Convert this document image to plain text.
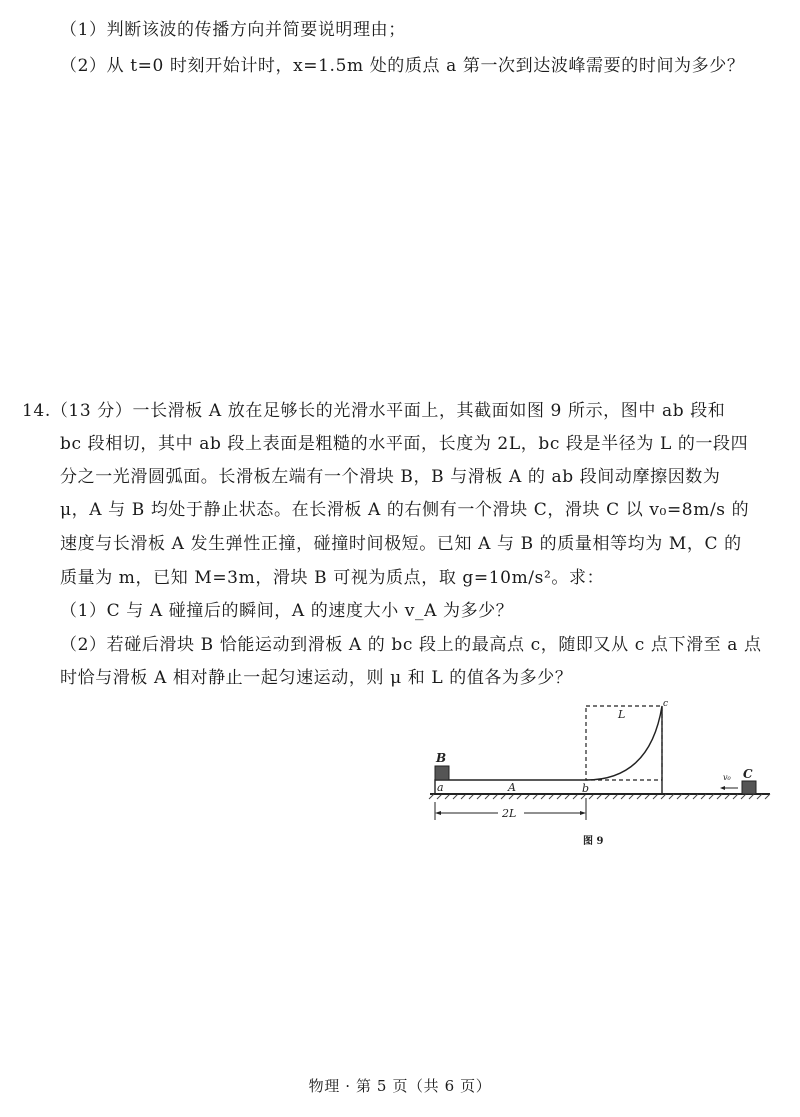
（1）判断该波的传播方向并简要说明理由；
（2）从 t=0 时刻开始计时，x=1.5m 处的质点 a 第一次到达波峰需要的时间为多少？
14.（13 分）一长滑板 A 放在足够长的光滑水平面上，其截面如图 9 所示，图中 ab 段和
bc 段相切，其中 ab 段上表面是粗糙的水平面，长度为 2L，bc 段是半径为 L 的一段四
分之一光滑圆弧面。长滑板左端有一个滑块 B，B 与滑板 A 的 ab 段间动摩擦因数为
μ，A 与 B 均处于静止状态。在长滑板 A 的右侧有一个滑块 C，滑块 C 以 v₀=8m/s 的
速度与长滑板 A 发生弹性正撞，碰撞时间极短。已知 A 与 B 的质量相等均为 M，C 的
质量为 m，已知 M=3m，滑块 B 可视为质点，取 g=10m/s²。求：
（1）C 与 A 碰撞后的瞬间，A 的速度大小 v_A 为多少？
（2）若碰后滑块 B 恰能运动到滑板 A 的 bc 段上的最高点 c，随即又从 c 点下滑至 a 点
时恰与滑板 A 相对静止一起匀速运动，则 μ 和 L 的值各为多少？
B
a	A	b
c
L
2L
v₀ C
图 9
物理 · 第 5 页（共 6 页）
